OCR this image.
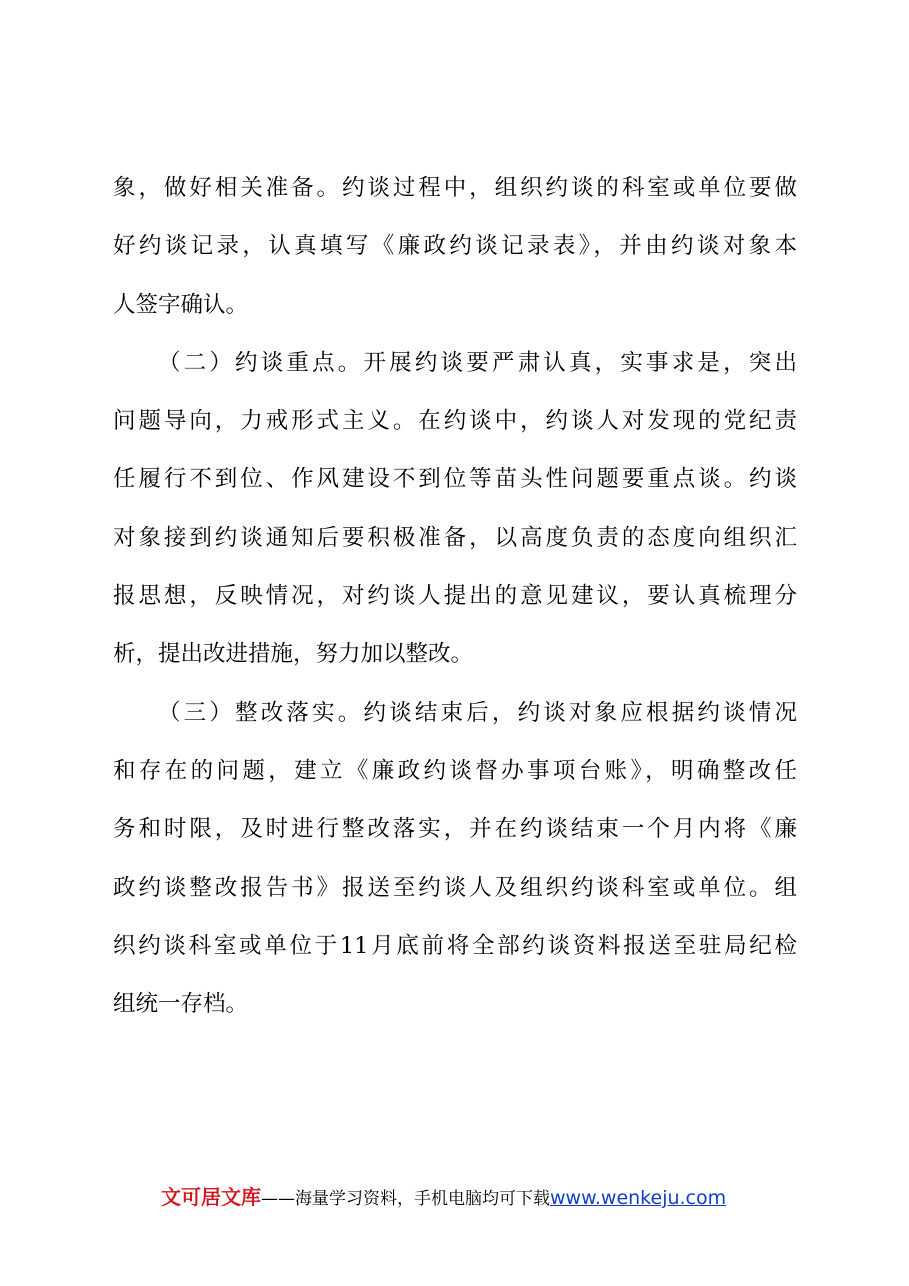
象，做好相关准备。约谈过程中，组织约谈的科室或单位要做
好约谈记录，认真填写《廉政约谈记录表》，并由约谈对象本
人签字确认。
（二）约谈重点。开展约谈要严肃认真，实事求是，突出
问题导向，力戒形式主义。在约谈中，约谈人对发现的党纪责
任履行不到位、作风建设不到位等苗头性问题要重点谈。约谈
对象接到约谈通知后要积极准备，以高度负责的态度向组织汇
报思想，反映情况，对约谈人提出的意见建议，要认真梳理分
析，提出改进措施，努力加以整改。
（三）整改落实。约谈结束后，约谈对象应根据约谈情况
和存在的问题，建立《廉政约谈督办事项台账》，明确整改任
务和时限，及时进行整改落实，并在约谈结束一个月内将《廉
政约谈整改报告书》报送至约谈人及组织约谈科室或单位。组
织约谈科室或单位于11月底前将全部约谈资料报送至驻局纪检
组统一存档。
文可居文库——海量学习资料，手机电脑均可下载www.wenkeju.com
